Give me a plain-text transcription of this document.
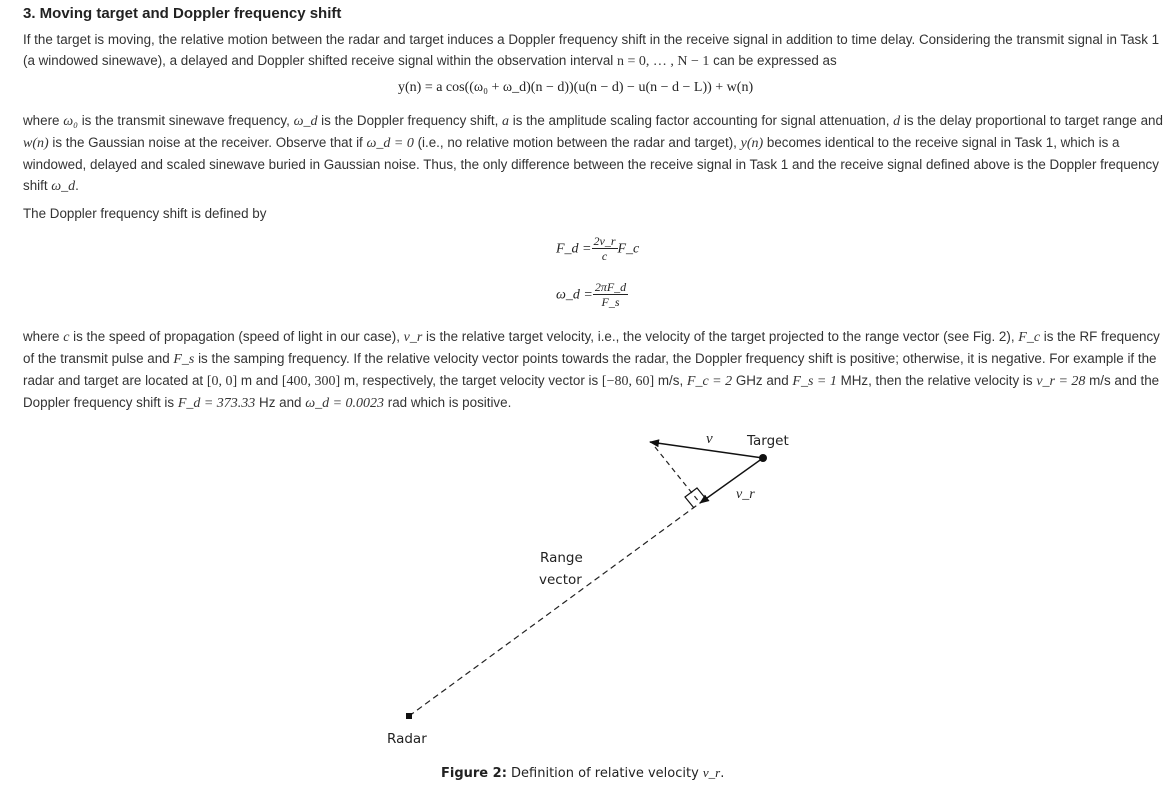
3. Moving target and Doppler frequency shift

If the target is moving, the relative motion between the radar and target induces a Doppler frequency shift in the receive signal in addition to time delay. Considering the transmit signal in Task 1 (a windowed sinewave), a delayed and Doppler shifted receive signal within the observation interval n = 0, … , N − 1 can be expressed as

y(n) = a cos((ω₀ + ω_d)(n − d))(u(n − d) − u(n − d − L)) + w(n)

where ω₀ is the transmit sinewave frequency, ω_d is the Doppler frequency shift, a is the amplitude scaling factor accounting for signal attenuation, d is the delay proportional to target range and w(n) is the Gaussian noise at the receiver. Observe that if ω_d = 0 (i.e., no relative motion between the radar and target), y(n) becomes identical to the receive signal in Task 1, which is a windowed, delayed and scaled sinewave buried in Gaussian noise. Thus, the only difference between the receive signal in Task 1 and the receive signal defined above is the Doppler frequency shift ω_d.

The Doppler frequency shift is defined by

F_d = $\frac{2v\_r}{c}$ F_c
ω_d = $\frac{2\pi F\_d}{F\_s}$

where c is the speed of propagation (speed of light in our case), v_r is the relative target velocity, i.e., the velocity of the target projected to the range vector (see Fig. 2), F_c is the RF frequency of the transmit pulse and F_s is the samping frequency. If the relative velocity vector points towards the radar, the Doppler frequency shift is positive; otherwise, it is negative. For example if the radar and target are located at [0, 0] m and [400, 300] m, respectively, the target velocity vector is [−80, 60] m/s, F_c = 2 GHz and F_s = 1 MHz, then the relative velocity is v_r = 28 m/s and the Doppler frequency shift is F_d = 373.33 Hz and ω_d = 0.0023 rad which is positive.

v	Target
v_r
Range
vector
Radar
Figure 2: Definition of relative velocity v_r.
